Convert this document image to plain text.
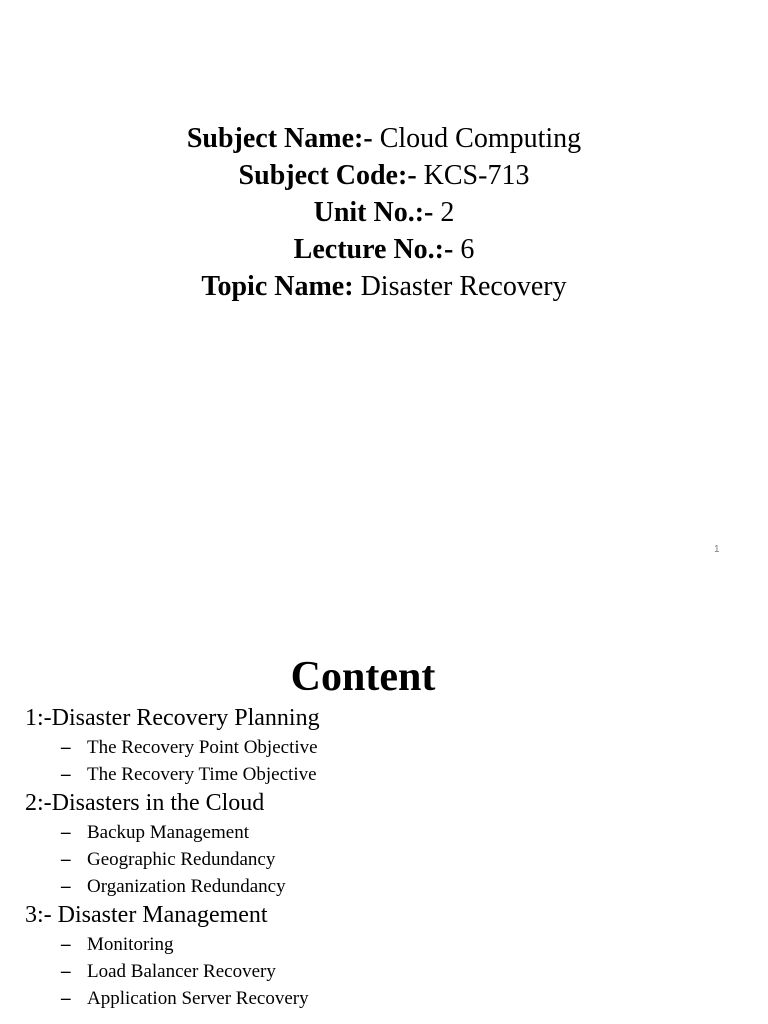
Subject Name:- Cloud Computing
Subject Code:- KCS-713
Unit No.:- 2
Lecture No.:- 6
Topic Name: Disaster Recovery
1
Content
1:-Disaster Recovery Planning
– The Recovery Point Objective
– The Recovery Time Objective
2:-Disasters in the Cloud
– Backup Management
– Geographic Redundancy
– Organization Redundancy
3:- Disaster Management
– Monitoring
– Load Balancer Recovery
– Application Server Recovery
